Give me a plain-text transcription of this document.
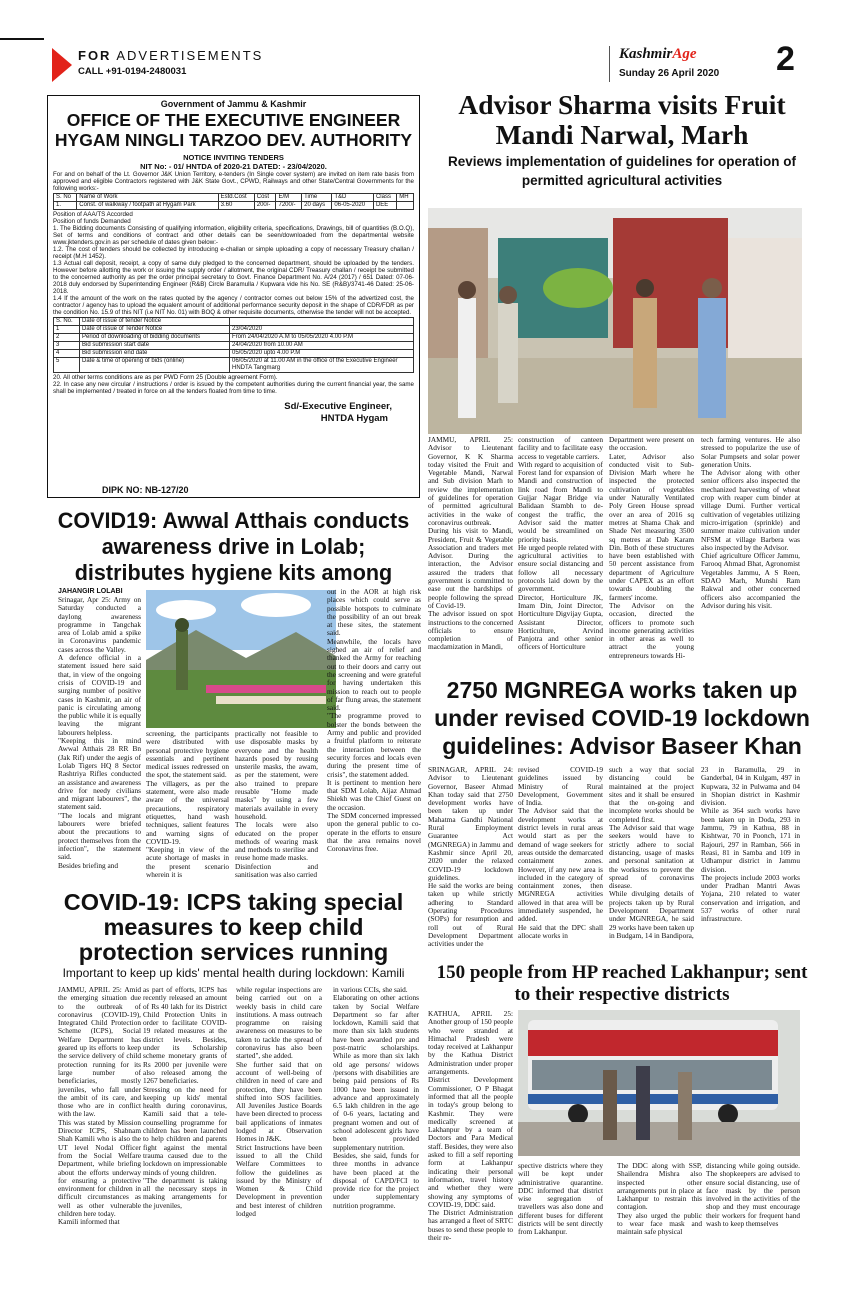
FOR ADVERTISEMENTS
CALL +91-0194-2480031
KashmirAge
Sunday 26 April 2020 2
Government of Jammu & Kashmir
OFFICE OF THE EXECUTIVE ENGINEER
HYGAM NINGLI TARZOO DEV. AUTHORITY
NOTICE INVITING TENDERS
NIT No: - 01/ HNTDA of 2020-21 DATED: - 23/04/2020.
For and on behalf of the Lt. Governor J&K Union Territory, e-tenders (In Single cover system) are invited on item rate basis from approved and eligible Contractors registered with J&K State Govt., CPWD, Railways and other State/Central Governments for the following works:-
S. No	Name of Work	Estd.Cost	Cost	E/M	Time	T&D	Class	MH
1.	Const. of walkway / footpath at Hygam Park	3.60	200/-	7200/-	20 days	06-05-2020	DEE	
Position of AAA/TS Accorded
Position of funds Demanded
1. The Bidding documents Consisting of qualifying information, eligibility criteria, specifications, Drawings, bill of quantities (B.O.Q), Set of terms and conditions of contract and other details can be seen/downloaded from the departmental website www.jktenders.gov.in as per schedule of dates given below:-
1.2. The cost of tenders should be collected by introducing e-challan or simple uploading a copy of necessary Treasury challan / receipt (M.H 1452).
1.3 Actual call deposit, receipt, a copy of same duly pledged to the concerned department, should be uploaded by the tenders. However before allotting the work or issuing the supply order / allotment, the original CDR/ Treasury challan / receipt be submitted to the concerned authority as per the order principal secretary to Govt. Finance Department No. A/24 (2017) / 651 Dated: 07-06-2018 duly endorsed by Superintending Engineer (R&B) Circle Baramulla / Kupwara vide his No. SE (R&B)/3741-46 Dated: 25-06-2018.
1.4 If the amount of the work on the rates quoted by the agency / contractor comes out below 15% of the advertized cost, the contractor / agency has to upload the equalent amount of additional performance security deposit in the shape of CDR/FDR as per the condition No. 15.9 of this NIT (i.e NIT No. 01) with BOQ & other requisite documents, otherwise the tender will not be accepted.
S. No.	Date of issue of tender Notice	
1	Date of issue of Tender Notice	23/04/2020
2	Period of downloading of bidding documents	From 24/04/2020 A.M to 05/05/2020 4.00 P.M
3	Bid submission start date	24/04/2020 from 10.00 AM
4	Bid submission end date	05/05/2020 upto 4.00 P.M
5	Date & time of opening of bids (online)	06/05/2020 at 11.00 AM in the office of the Executive Engineer HNDTA Tangmarg
20. All other terms conditions are as per PWD Form 25 (Double agreement Form).
22. In case any new circular / instructions / order is issued by the competent authorities during the current financial year, the same shall be implemented / treated in force on all the tenders floated from time to time.
Sd/-Executive Engineer,
HNTDA Hygam
DIPK NO: NB-127/20
Advisor Sharma visits Fruit Mandi Narwal, Marh
Reviews implementation of guidelines for operation of permitted agricultural activities
JAMMU, APRIL 25: Advisor to Lieutenant Governor, K K Sharma today visited the Fruit and Vegetable Mandi, Narwal and Sub division Marh to review the implementation of guidelines for operation of permitted agricultural activities in the wake of coronavirus outbreak.
During his visit to Mandi, President, Fruit & Vegetable Association and traders met Advisor. During the interaction, the Advisor assured the traders that government is committed to ease out the hardships of people following the spread of Covid-19.
The advisor issued on spot instructions to the concerned officials to ensure completion of macdamization in Mandi,
construction of canteen facility and to facilitate easy access to vegetable carriers.
With regard to acquisition of Forest land for expansion of Mandi and construction of link road from Mandi to Gujjar Nagar Bridge via Balidaan Stambh to de-congest the traffic, the Advisor said the matter would be streamlined on priority basis.
He urged people related with agricultural activities to ensure social distancing and follow all necessary protocols laid down by the government.
Director, Horticulture JK, Imam Din, Joint Director, Horticulture Digvijay Gupta, Assistant Director, Horticulture, Arvind Panjotra and other senior officers of Horticulture
Department were present on the occasion.
Later, Advisor also conducted visit to Sub-Division Marh where he inspected the protected cultivation of vegetables under Naturally Ventilated Poly Green House spread over an area of 2016 sq metres at Shama Chak and Shade Net measuring 3500 sq metres at Dab Karam Din. Both of these structures have been established with 50 percent assistance from department of Agriculture under CAPEX as an effort towards doubling the farmers' income.
The Advisor on the occasion, directed the officers to promote such income generating activities in other areas as well to attract the young entrepreneurs towards Hi-
tech farming ventures. He also stressed to popularize the use of Solar Pumpsets and solar power generation Units.
The Advisor along with other senior officers also inspected the mechanized harvesting of wheat crop with reaper cum binder at village Dumi. Further vertical cultivation of vegetables utilizing micro-irrigation (sprinkle) and summer maize cultivation under NFSM at village Barbera was also inspected by the Advisor.
Chief agriculture Officer Jammu, Farooq Ahmad Bhat, Agronomist Vegetables Jammu, A S Reen, SDAO Marh, Munshi Ram Rakwal and other concerned officers also accompanied the Advisor during his visit.
COVID19: Awwal Atthais conducts awareness drive in Lolab; distributes hygiene kits among
JAHANGIR LOLABI
Srinagar, Apr 25: Army on Saturday conducted a daylong awareness programme in Tangchak area of Lolab amid a spike in Coronavirus pandemic cases across the Valley.
A defence official in a statement issued here said that, in view of the ongoing crisis of COVID-19 and surging number of positive cases in Kashmir, an air of panic is circulating among the public while it is equally leaving the migrant labourers helpless.
"Keeping this in mind Awwal Atthais 28 RR Bn (Jak Rif) under the aegis of Lolab Tigers HQ 8 Sector Rashtriya Rifles conducted an assistance and awareness drive for needy civilians and migrant labourers", the statement said.
"The locals and migrant labourers were briefed about the precautions to protect themselves from the infection", the statement said.
Besides briefing and
screening, the participants were distributed with personal protective hygiene essentials and pertinent medical issues redressed on the spot, the statement said.
The villagers, as per the statement, were also made aware of the universal precautions, respiratory etiquettes, hand wash techniques, salient features and warning signs of COVID-19.
"Keeping in view of the acute shortage of masks in the present scenario wherein it is
practically not feasible to use disposable masks by everyone and the health hazards posed by reusing unsterile masks, the awam, as per the statement, were also trained to prepare reusable "Home made masks" by using a few materials available in every household.
The locals were also educated on the proper methods of wearing mask and methods to sterilise and reuse home made masks.
Disinfection and sanitisation was also carried
out in the AOR at high risk places which could serve as possible hotspots to culminate the possibility of an out break at these sites, the statement said.
Meanwhile, the locals have sighed an air of relief and thanked the Army for reaching out to their doors and carry out the screening and were grateful for having undertaken this mission to reach out to people of far flung areas, the statement said.
"The programme proved to bolster the bonds between the Army and public and provided a fruitful platform to reiterate the interaction between the security forces and locals even during the present time of crisis", the statement added.
It is pertinent to mention here that SDM Lolab, Aijaz Ahmad Shiekh was the Chief Guest on the occasion.
The SDM concerned impressed upon the general public to co-operate in the efforts to ensure that the area remains novel Coronavirus free.
2750 MGNREGA works taken up under revised COVID-19 lockdown guidelines: Advisor Baseer Khan
SRINAGAR, APRIL 24: Advisor to Lieutenant Governor, Baseer Ahmad Khan today said that 2750 development works have been taken up under Mahatma Gandhi National Rural Employment Guarantee Act (MGNREGA) in Jammu and Kashmir since April 20, 2020 under the relaxed COVID-19 lockdown guidelines.
He said the works are being taken up while strictly adhering to Standard Operating Procedures (SOPs) for resumption and roll out of Rural Development Department activities under the
revised COVID-19 guidelines issued by Ministry of Rural Development, Government of India.
The Advisor said that the development works at district levels in rural areas would start as per the demand of wage seekers for areas outside the demarcated containment zones. However, if any new area is included in the category of containment zones, then MGNREGA activities allowed in that area will be immediately suspended, he added.
He said that the DPC shall allocate works in
such a way that social distancing could be maintained at the project sites and it shall be ensured that the on-going and incomplete works should be completed first.
The Advisor said that wage seekers would have to strictly adhere to social distancing, usage of masks and personal sanitation at the worksites to prevent the spread of coronavirus disease.
While divulging details of projects taken up by Rural Development Department under MGNREGA, he said 29 works have been taken up in Budgam, 14 in Bandipora,
23 in Baramulla, 29 in Ganderbal, 04 in Kulgam, 497 in Kupwara, 32 in Pulwama and 04 in Shopian district in Kashmir division.
While as 364 such works have been taken up in Doda, 293 in Jammu, 79 in Kathua, 88 in Kishtwar, 70 in Poonch, 171 in Rajouri, 297 in Ramban, 566 in Reasi, 81 in Samba and 109 in Udhampur district in Jammu division.
The projects include 2003 works under Pradhan Mantri Awas Yojana, 210 related to water conservation and irrigation, and 537 works of other rural infrastructure.
COVID-19: ICPS taking special measures to keep child protection services running
Important to keep up kids' mental health during lockdown: Kamili
JAMMU, APRIL 25: Amid the emerging situation due to the outbreak of coronavirus (COVID-19), Integrated Child Protection Scheme (ICPS), Social Welfare Department has geared up its efforts to keep the service delivery of child protection running for its large number of beneficiaries, mostly juveniles, who fall under the ambit of its care, and those who are in conflict with the law.
This was stated by Mission Director ICPS, Shabnam Shah Kamili who is also the UT level Nodal Officer from the Social Welfare Department, while briefing about the efforts underway for ensuring a protective environment for children in difficult circumstances as well as other vulnerable children here today.
Kamili informed that
as part of efforts, ICPS has recently released an amount of Rs 40 lakh for its District Child Protection Units in order to facilitate COVID-19 related measures at the district levels. Besides, under its Scholarship scheme monetary grants of Rs 2000 per juvenile were also released among the 1267 beneficiaries.
Stressing on the need for keeping up kids' mental health during coronavirus, Kamili said that a tele-counselling programme for children has been launched to help children and parents fight against the mental trauma caused due to the lockdown on impressionable minds of young children.
"The department is taking all the necessary steps in making arrangements for the juveniles,
while regular inspections are being carried out on a weekly basis in child care institutions. A mass outreach programme on raising awareness on measures to be taken to tackle the spread of coronavirus has also been started", she added.
She further said that on account of well-being of children in need of care and protection, they have been shifted into SOS facilities. All Juveniles Justice Boards have been directed to process bail applications of inmates lodged at Observation Homes in J&K.
Strict Instructions have been issued to all the Child Welfare Committees to follow the guidelines as issued by the Ministry of Women & Child Development in prevention and best interest of children lodged
in various CCIs, she said.
Elaborating on other actions taken by Social Welfare Department so far after lockdown, Kamili said that more than six lakh students have been awarded pre and post-matric scholarships. While as more than six lakh old age persons/ widows /persons with disabilities are being paid pensions of Rs 1000 have been issued in advance and approximately 6.5 lakh children in the age of 0-6 years, lactating and pregnant women and out of school adolescent girls have been provided supplementary nutrition.
Besides, she said, funds for three months in advance have been placed at the disposal of CAPD/FCI to provide rice for the project under supplementary nutrition programme.
150 people from HP reached Lakhanpur; sent to their respective districts
KATHUA, APRIL 25: Another group of 150 people who were stranded at Himachal Pradesh were today received at Lakhanpur by the Kathua District Administration under proper arrangements.
District Development Commissioner, O P Bhagat informed that all the people in today's group belong to Kashmir. They were medically screened at Lakhanpur by a team of Doctors and Para Medical staff. Besides, they were also asked to fill a self reporting form at Lakhanpur indicating their personal information, travel history and whether they were showing any symptoms of COVID-19, DDC said.
The District Administration has arranged a fleet of SRTC buses to send these people to their re-
spective districts where they will be kept under administrative quarantine. DDC informed that district wise segregation of travellers was also done and different buses for different districts will be sent directly from Lakhanpur.
The DDC along with SSP, Shailendra Mishra also inspected other arrangements put in place at Lakhanpur to restrain this contagion.
They also urged the public to wear face mask and maintain safe physical
distancing while going outside. The shopkeepers are advised to ensure social distancing, use of face mask by the person involved in the activities of the shop and they must encourage their workers for frequent hand wash to keep themselves
